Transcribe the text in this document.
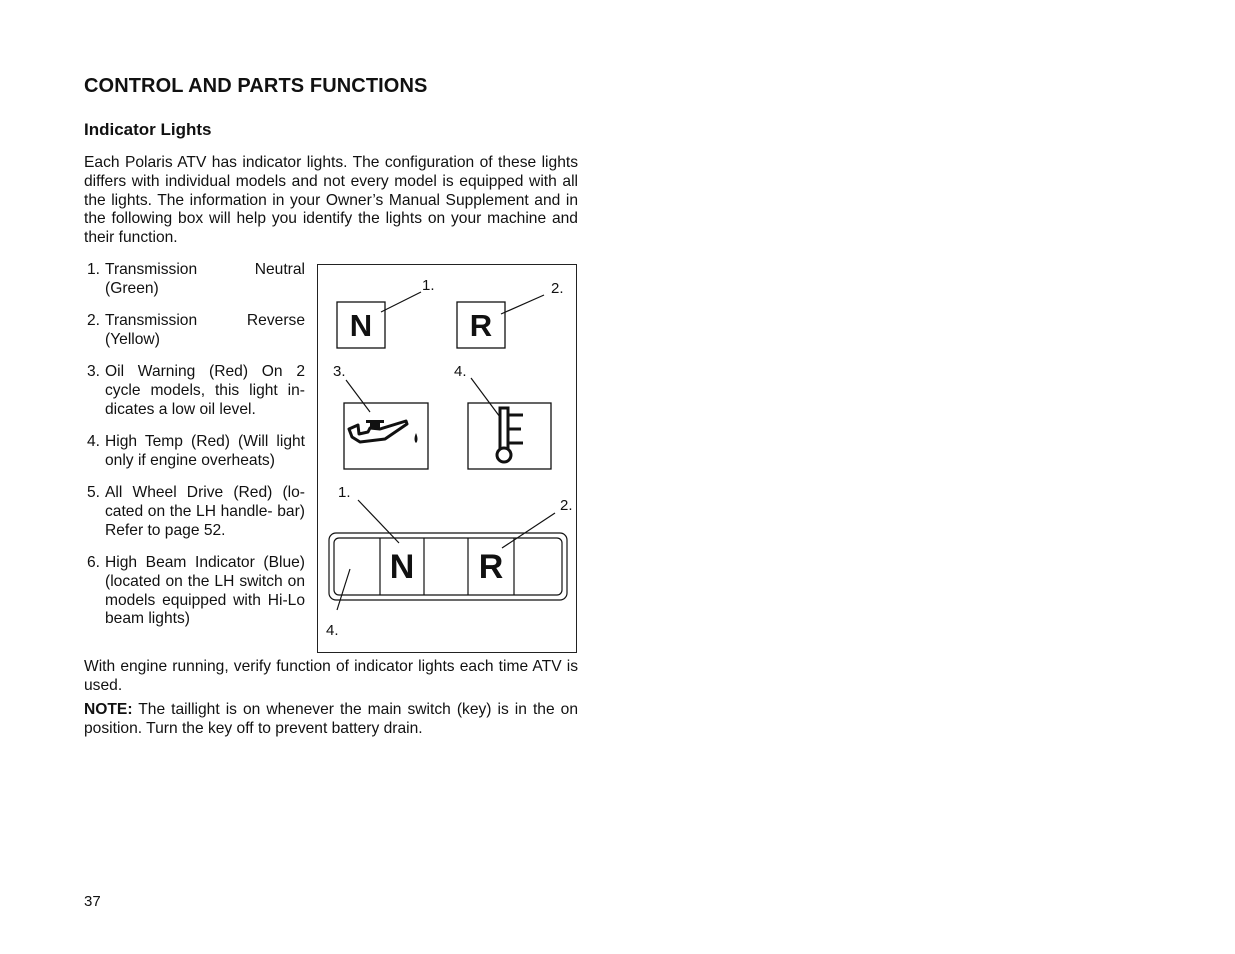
CONTROL AND PARTS FUNCTIONS
Indicator Lights

Each Polaris ATV has indicator lights. The configuration of these lights differs with individual models and not every model is equipped with all the lights. The information in your Owner’s Manual Supplement and in the following box will help you identify the lights on your machine and their function.

1. Transmission Neutral (Green)
2. Transmission Reverse (Yellow)
3. Oil Warning (Red) On 2 cycle models, this light in- dicates a low oil level.
4. High Temp (Red) (Will light only if engine overheats)
5. All Wheel Drive (Red) (lo- cated on the LH handle- bar) Refer to page 52.
6. High Beam Indicator (Blue) (located on the LH switch on models equipped with Hi-Lo beam lights)
N	R
1.	2.
3.	4.
N R
1.
2.
4.

With engine running, verify function of indicator lights each time ATV is used.

NOTE: The taillight is on whenever the main switch (key) is in the on position. Turn the key off to prevent battery drain.

37
